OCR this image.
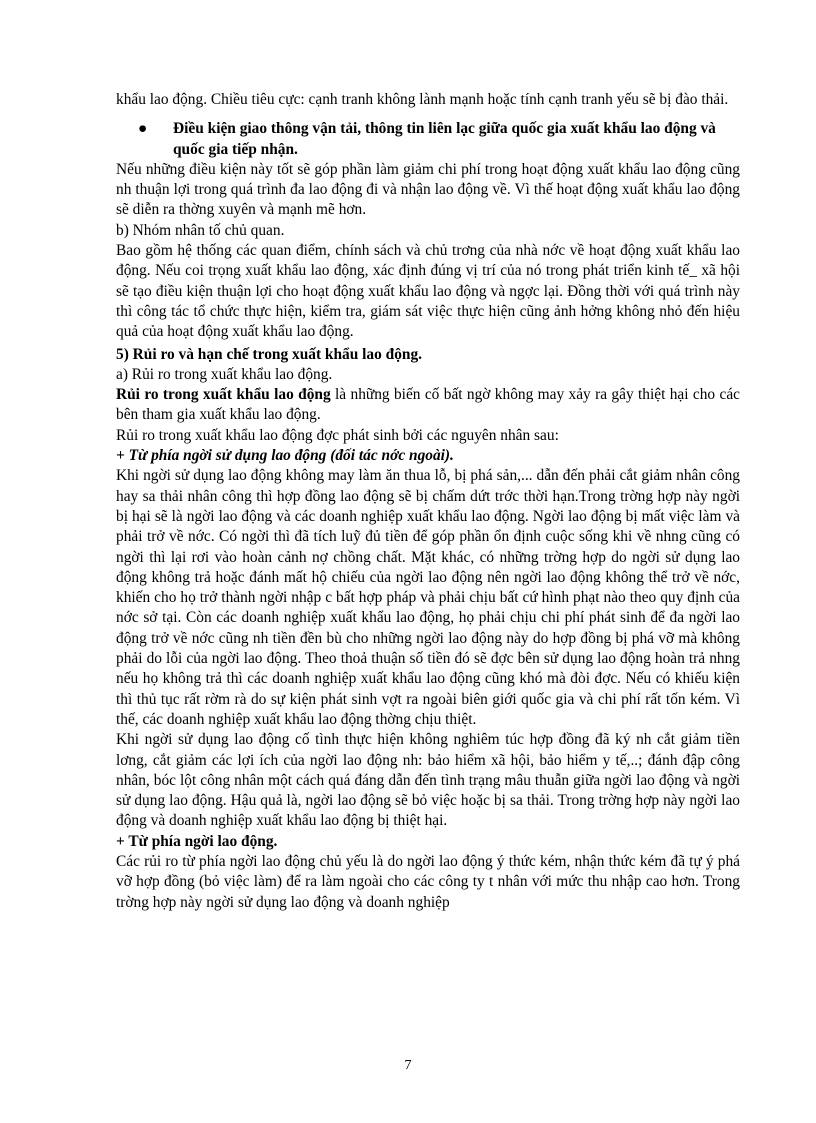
khẩu lao động. Chiều tiêu cực: cạnh tranh không lành mạnh hoặc tính cạnh tranh yếu sẽ bị đào thải.

●	Điều kiện giao thông vận tải, thông tin liên lạc giữa quốc gia xuất khẩu lao động và quốc gia tiếp nhận.

Nếu những điều kiện này tốt sẽ góp phần làm giảm chi phí trong hoạt động xuất khẩu lao động cũng nh thuận lợi trong quá trình đa lao động đi và nhận lao động về. Vì thế hoạt động xuất khẩu lao động sẽ diễn ra thờng xuyên và mạnh mẽ hơn.

b) Nhóm nhân tố chủ quan.

Bao gồm hệ thống các quan điểm, chính sách và chủ trơng của nhà nớc về hoạt động xuất khẩu lao động. Nếu coi trọng xuất khẩu lao động, xác định đúng vị trí của nó trong phát triển kinh tế_ xã hội sẽ tạo điều kiện thuận lợi cho hoạt động xuất khẩu lao động và ngợc lại. Đồng thời với quá trình này thì công tác tổ chức thực hiện, kiểm tra, giám sát việc thực hiện cũng ảnh hởng không nhỏ đến hiệu quả của hoạt động xuất khẩu lao động.

5) Rủi ro và hạn chế trong xuất khẩu lao động.

a) Rủi ro trong xuất khẩu lao động.

Rủi ro trong xuất khẩu lao động là những biến cố bất ngờ không may xảy ra gây thiệt hại cho các bên tham gia xuất khẩu lao động.

Rủi ro trong xuất khẩu lao động đợc phát sinh bởi các nguyên nhân sau:

+ Từ phía ngời sử dụng lao động (đối tác nớc ngoài).

Khi ngời sử dụng lao động không may làm ăn thua lỗ, bị phá sản,... dẫn đến phải cắt giảm nhân công hay sa thải nhân công thì hợp đồng lao động sẽ bị chấm dứt trớc thời hạn.Trong trờng hợp này ngời bị hại sẽ là ngời lao động và các doanh nghiệp xuất khẩu lao động. Ngời lao động bị mất việc làm và phải trở về nớc. Có ngời thì đã tích luỹ đủ tiền để góp phần ổn định cuộc sống khi về nhng cũng có ngời thì lại rơi vào hoàn cảnh nợ chồng chất. Mặt khác, có những trờng hợp do ngời sử dụng lao động không trả hoặc đánh mất hộ chiếu của ngời lao động nên ngời lao động không thể trở về nớc, khiến cho họ trở thành ngời nhập c bất hợp pháp và phải chịu bất cứ hình phạt nào theo quy định của nớc sở tại. Còn các doanh nghiệp xuất khẩu lao động, họ phải chịu chi phí phát sinh để đa ngời lao động trở về nớc cũng nh tiền đền bù cho những ngời lao động này do hợp đồng bị phá vỡ mà không phải do lỗi của ngời lao động. Theo thoả thuận số tiền đó sẽ đợc bên sử dụng lao động hoàn trả nhng nếu họ không trả thì các doanh nghiệp xuất khẩu lao động cũng khó mà đòi đợc. Nếu có khiếu kiện thì thủ tục rất rờm rà do sự kiện phát sinh vợt ra ngoài biên giới quốc gia và chi phí rất tốn kém. Vì thế, các doanh nghiệp xuất khẩu lao động thờng chịu thiệt.

Khi ngời sử dụng lao động cố tình thực hiện không nghiêm túc hợp đồng đã ký nh cắt giảm tiền lơng, cắt giảm các lợi ích của ngời lao động nh: bảo hiểm xã hội, bảo hiểm y tế,..; đánh đập công nhân, bóc lột công nhân một cách quá đáng dẫn đến tình trạng mâu thuẫn giữa ngời lao động và ngời sử dụng lao động. Hậu quả là, ngời lao động sẽ bỏ việc hoặc bị sa thải. Trong trờng hợp này ngời lao động và doanh nghiệp xuất khẩu lao động bị thiệt hại.

+ Từ phía ngời lao động.

Các rủi ro từ phía ngời lao động chủ yếu là do ngời lao động ý thức kém, nhận thức kém đã tự ý phá vỡ hợp đồng (bỏ việc làm) để ra làm ngoài cho các công ty t nhân với mức thu nhập cao hơn. Trong trờng hợp này ngời sử dụng lao động và doanh nghiệp

7
